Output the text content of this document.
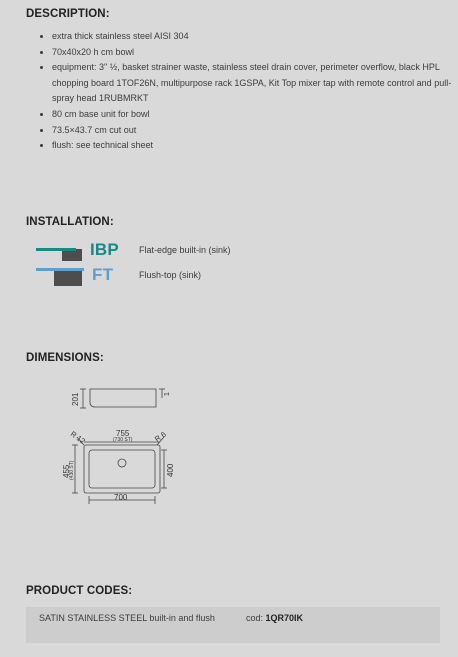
DESCRIPTION:
• extra thick stainless steel AISI 304
• 70x40x20 h cm bowl
• equipment: 3" ½, basket strainer waste, stainless steel drain cover, perimeter overflow, black HPL chopping board 1TOF26N, multipurpose rack 1GSPA, Kit Top mixer tap with remote control and pull-spray head 1RUBMRKT
• 80 cm base unit for bowl
• 73.5×43.7 cm cut out
• flush: see technical sheet
INSTALLATION:
IBP Flat-edge built-in (sink)
FT	Flush-top (sink)
DIMENSIONS:
201	1
R 12	R 6
755
(730 ST)
455
(430 ST)	400
700
PRODUCT CODES:
SATIN STAINLESS STEEL built-in and flush	cod: 1QR70IK
